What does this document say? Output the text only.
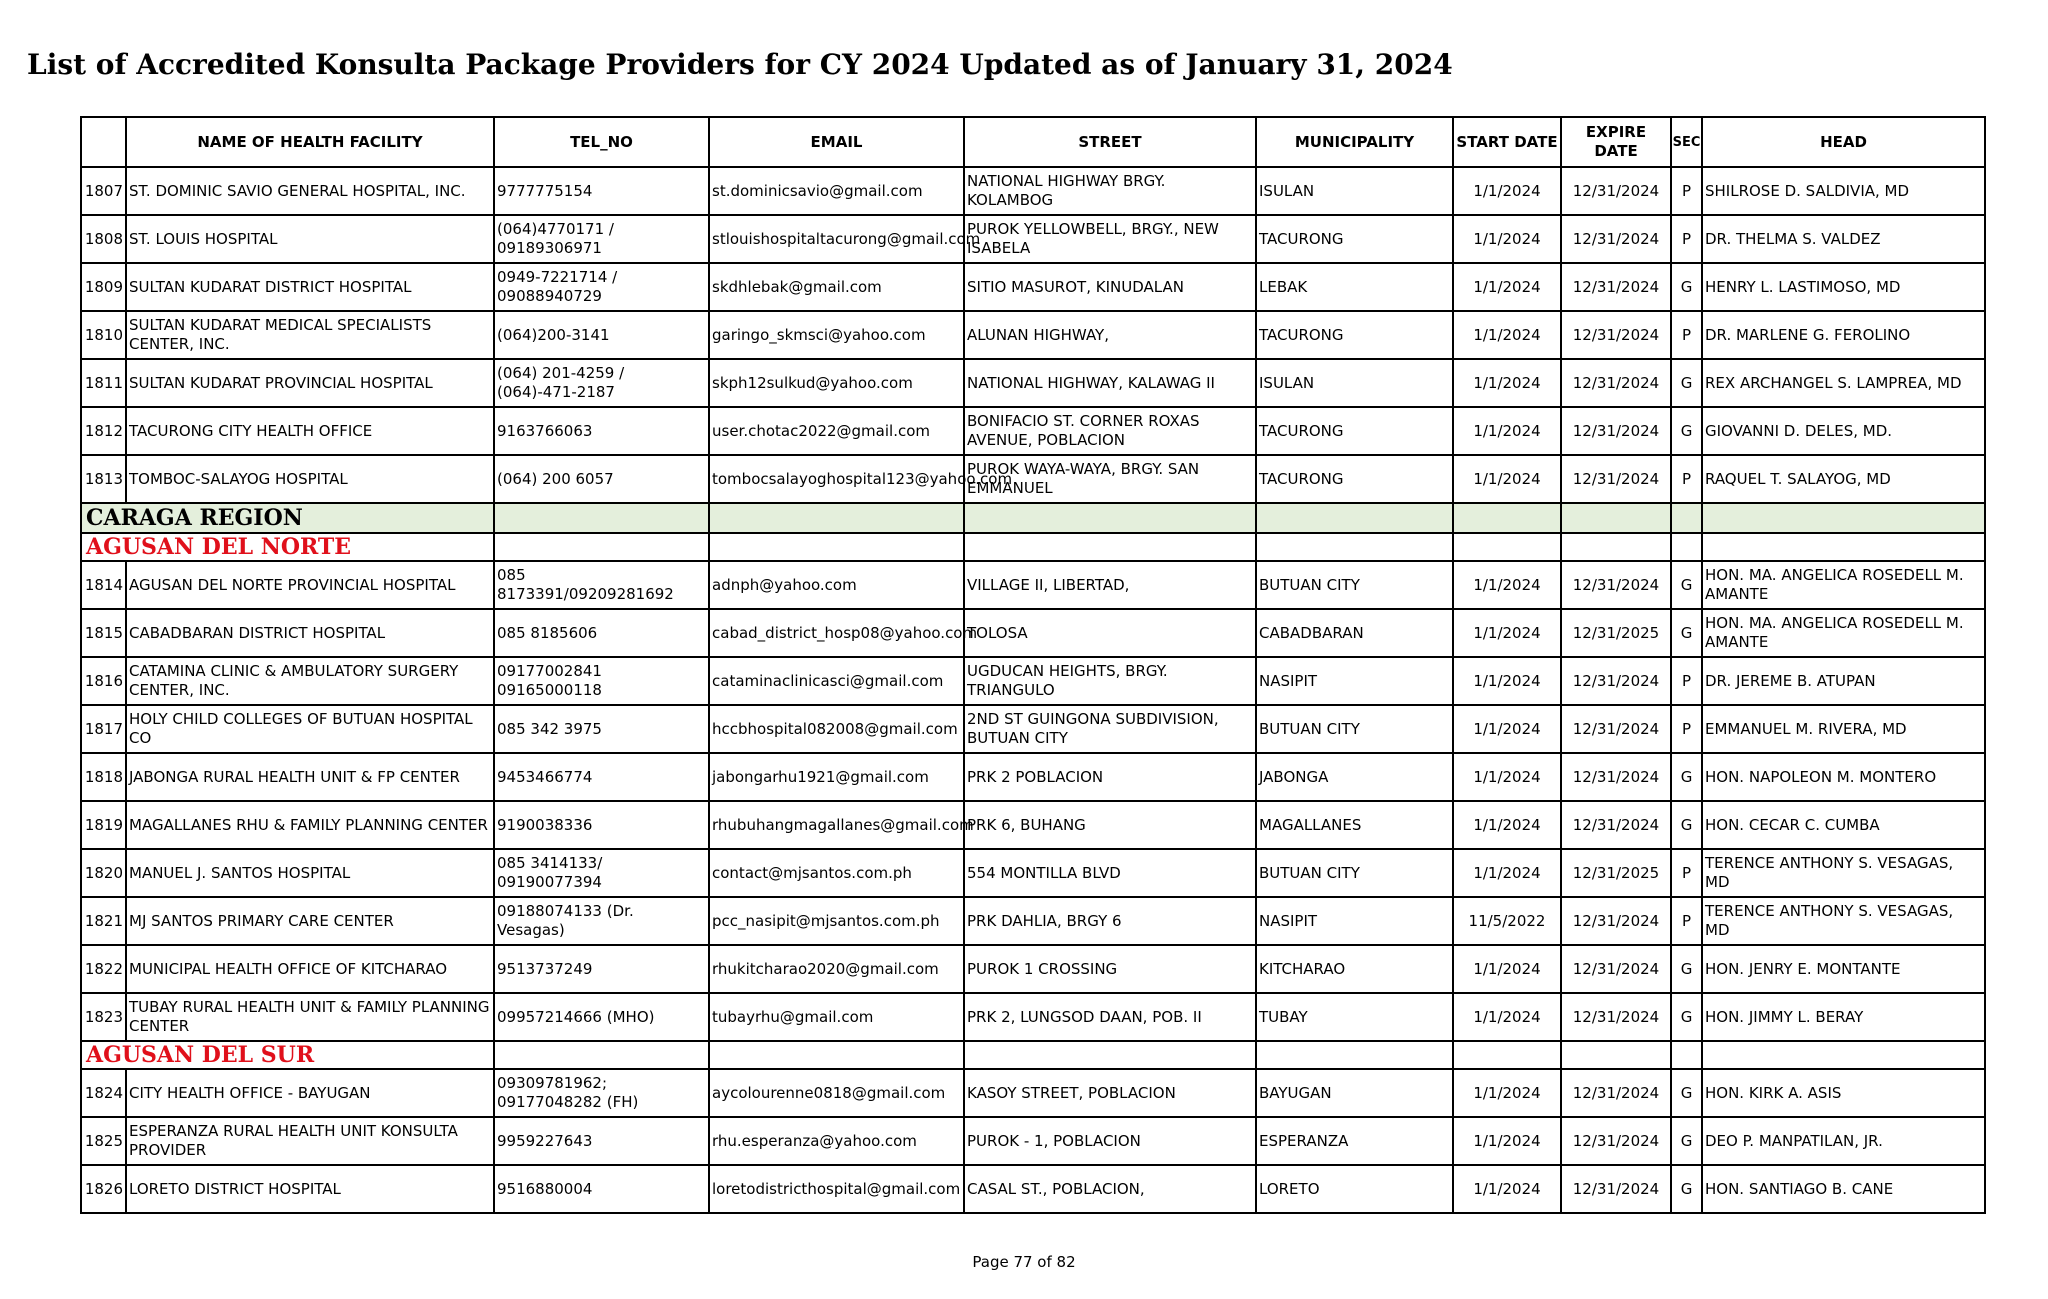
List of Accredited Konsulta Package Providers for CY 2024 Updated as of January 31, 2024
	NAME OF HEALTH FACILITY	TEL_NO	EMAIL	STREET	MUNICIPALITY	START DATE	EXPIRE DATE	SEC	HEAD
1807	ST. DOMINIC SAVIO GENERAL HOSPITAL, INC.	9777775154	st.dominicsavio@gmail.com	NATIONAL HIGHWAY BRGY. KOLAMBOG	ISULAN	1/1/2024	12/31/2024	P	SHILROSE D. SALDIVIA, MD
1808	ST. LOUIS HOSPITAL	(064)4770171 / 09189306971	stlouishospitaltacurong@gmail.com	PUROK YELLOWBELL, BRGY., NEW ISABELA	TACURONG	1/1/2024	12/31/2024	P	DR. THELMA S. VALDEZ
1809	SULTAN KUDARAT DISTRICT HOSPITAL	0949-7221714 / 09088940729	skdhlebak@gmail.com	SITIO MASUROT, KINUDALAN	LEBAK	1/1/2024	12/31/2024	G	HENRY L. LASTIMOSO, MD
1810	SULTAN KUDARAT MEDICAL SPECIALISTS CENTER, INC.	(064)200-3141	garingo_skmsci@yahoo.com	ALUNAN HIGHWAY,	TACURONG	1/1/2024	12/31/2024	P	DR. MARLENE G. FEROLINO
1811	SULTAN KUDARAT PROVINCIAL HOSPITAL	(064) 201-4259 / (064)-471-2187	skph12sulkud@yahoo.com	NATIONAL HIGHWAY, KALAWAG II	ISULAN	1/1/2024	12/31/2024	G	REX ARCHANGEL S. LAMPREA, MD
1812	TACURONG CITY HEALTH OFFICE	9163766063	user.chotac2022@gmail.com	BONIFACIO ST. CORNER ROXAS AVENUE, POBLACION	TACURONG	1/1/2024	12/31/2024	G	GIOVANNI D. DELES, MD.
1813	TOMBOC-SALAYOG HOSPITAL	(064) 200 6057	tombocsalayoghospital123@yahoo.com	PUROK WAYA-WAYA, BRGY. SAN EMMANUEL	TACURONG	1/1/2024	12/31/2024	P	RAQUEL T. SALAYOG, MD
CARAGA REGION									
AGUSAN DEL NORTE									
1814	AGUSAN DEL NORTE PROVINCIAL HOSPITAL	085 8173391/09209281692	adnph@yahoo.com	VILLAGE II, LIBERTAD,	BUTUAN CITY	1/1/2024	12/31/2024	G	HON. MA. ANGELICA ROSEDELL M. AMANTE
1815	CABADBARAN DISTRICT HOSPITAL	085 8185606	cabad_district_hosp08@yahoo.com	TOLOSA	CABADBARAN	1/1/2024	12/31/2025	G	HON. MA. ANGELICA ROSEDELL M. AMANTE
1816	CATAMINA CLINIC & AMBULATORY SURGERY CENTER, INC.	09177002841 09165000118	cataminaclinicasci@gmail.com	UGDUCAN HEIGHTS, BRGY. TRIANGULO	NASIPIT	1/1/2024	12/31/2024	P	DR. JEREME B. ATUPAN
1817	HOLY CHILD COLLEGES OF BUTUAN HOSPITAL CO	085 342 3975	hccbhospital082008@gmail.com	2ND ST GUINGONA SUBDIVISION, BUTUAN CITY	BUTUAN CITY	1/1/2024	12/31/2024	P	EMMANUEL M. RIVERA, MD
1818	JABONGA RURAL HEALTH UNIT & FP CENTER	9453466774	jabongarhu1921@gmail.com	PRK 2 POBLACION	JABONGA	1/1/2024	12/31/2024	G	HON. NAPOLEON M. MONTERO
1819	MAGALLANES RHU & FAMILY PLANNING CENTER	9190038336	rhubuhangmagallanes@gmail.com	PRK 6, BUHANG	MAGALLANES	1/1/2024	12/31/2024	G	HON. CECAR C. CUMBA
1820	MANUEL J. SANTOS HOSPITAL	085 3414133/ 09190077394	contact@mjsantos.com.ph	554 MONTILLA BLVD	BUTUAN CITY	1/1/2024	12/31/2025	P	TERENCE ANTHONY S. VESAGAS, MD
1821	MJ SANTOS PRIMARY CARE CENTER	09188074133 (Dr. Vesagas)	pcc_nasipit@mjsantos.com.ph	PRK DAHLIA, BRGY 6	NASIPIT	11/5/2022	12/31/2024	P	TERENCE ANTHONY S. VESAGAS, MD
1822	MUNICIPAL HEALTH OFFICE OF KITCHARAO	9513737249	rhukitcharao2020@gmail.com	PUROK 1 CROSSING	KITCHARAO	1/1/2024	12/31/2024	G	HON. JENRY E. MONTANTE
1823	TUBAY RURAL HEALTH UNIT & FAMILY PLANNING CENTER	09957214666 (MHO)	tubayrhu@gmail.com	PRK 2, LUNGSOD DAAN, POB. II	TUBAY	1/1/2024	12/31/2024	G	HON. JIMMY L. BERAY
AGUSAN DEL SUR									
1824	CITY HEALTH OFFICE - BAYUGAN	09309781962; 09177048282 (FH)	aycolourenne0818@gmail.com	KASOY STREET, POBLACION	BAYUGAN	1/1/2024	12/31/2024	G	HON. KIRK A. ASIS
1825	ESPERANZA RURAL HEALTH UNIT KONSULTA PROVIDER	9959227643	rhu.esperanza@yahoo.com	PUROK - 1, POBLACION	ESPERANZA	1/1/2024	12/31/2024	G	DEO P. MANPATILAN, JR.
1826	LORETO DISTRICT HOSPITAL	9516880004	loretodistricthospital@gmail.com	CASAL ST., POBLACION,	LORETO	1/1/2024	12/31/2024	G	HON. SANTIAGO B. CANE
Page 77 of 82
